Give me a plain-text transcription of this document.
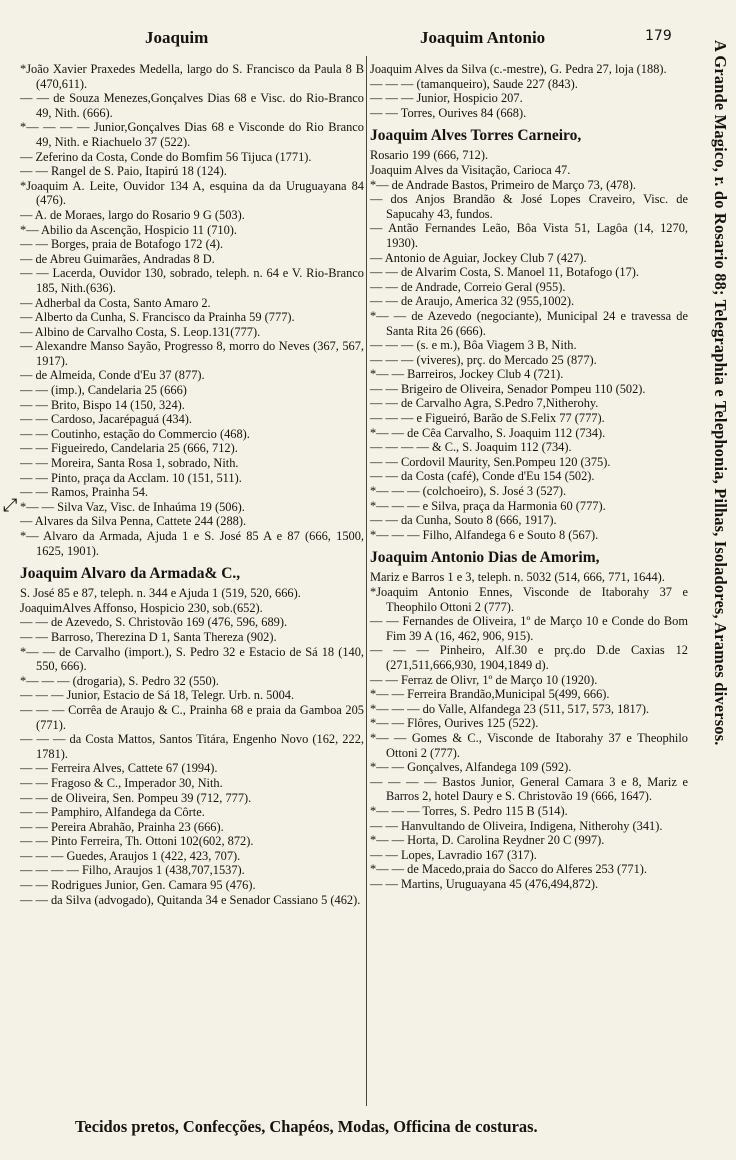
Joaquim	Joaquim Antonio	179
⤢

*João Xavier Praxedes Medella, largo do S. Francisco da Paula 8 B (470,611).

— — de Souza Menezes,Gonçalves Dias 68 e Visc. do Rio-Branco 49, Nith. (666).

*— — — — Junior,Gonçalves Dias 68 e Visconde do Rio Branco 49, Nith. e Riachuelo 37 (522).

— Zeferino da Costa, Conde do Bomfim 56 Tijuca (1771).

— — Rangel de S. Paio, Itapirú 18 (124).

*Joaquim A. Leite, Ouvidor 134 A, esquina da da Uruguayana 84 (476).

— A. de Moraes, largo do Rosario 9 G (503).

*— Abilio da Ascenção, Hospicio 11 (710).

— — Borges, praia de Botafogo 172 (4).

— de Abreu Guimarães, Andradas 8 D.

— — Lacerda, Ouvidor 130, sobrado, teleph. n. 64 e V. Rio-Branco 185, Nith.(636).

— Adherbal da Costa, Santo Amaro 2.

— Alberto da Cunha, S. Francisco da Prainha 59 (777).

— Albino de Carvalho Costa, S. Leop.131(777).

— Alexandre Manso Sayão, Progresso 8, morro do Neves (367, 567, 1917).

— de Almeida, Conde d'Eu 37 (877).

— — (imp.), Candelaria 25 (666)

— — Brito, Bispo 14 (150, 324).

— — Cardoso, Jacarépaguá (434).

— — Coutinho, estação do Commercio (468).

— — Figueiredo, Candelaria 25 (666, 712).

— — Moreira, Santa Rosa 1, sobrado, Nith.

— — Pinto, praça da Acclam. 10 (151, 511).

— — Ramos, Prainha 54.

*— — Silva Vaz, Visc. de Inhaúma 19 (506).

— Alvares da Silva Penna, Cattete 244 (288).

*— Alvaro da Armada, Ajuda 1 e S. José 85 A e 87 (666, 1500, 1625, 1901).

Joaquim Alvaro da Armada& C.,

S. José 85 e 87, teleph. n. 344 e Ajuda 1 (519, 520, 666).

JoaquimAlves Affonso, Hospicio 230, sob.(652).

— — de Azevedo, S. Christovão 169 (476, 596, 689).

— — Barroso, Therezina D 1, Santa Thereza (902).

*— — de Carvalho (import.), S. Pedro 32 e Estacio de Sá 18 (140, 550, 666).

*— — — (drogaria), S. Pedro 32 (550).

— — — Junior, Estacio de Sá 18, Telegr. Urb. n. 5004.

— — — Corrêa de Araujo & C., Prainha 68 e praia da Gamboa 205 (771).

— — — da Costa Mattos, Santos Titára, Engenho Novo (162, 222, 1781).

— — Ferreira Alves, Cattete 67 (1994).

— — Fragoso & C., Imperador 30, Nith.

— — de Oliveira, Sen. Pompeu 39 (712, 777).

— — Pamphiro, Alfandega da Côrte.

— — Pereira Abrahão, Prainha 23 (666).

— — Pinto Ferreira, Th. Ottoni 102(602, 872).

— — — Guedes, Araujos 1 (422, 423, 707).

— — — — Filho, Araujos 1 (438,707,1537).

— — Rodrigues Junior, Gen. Camara 95 (476).

— — da Silva (advogado), Quitanda 34 e Senador Cassiano 5 (462).

Joaquim Alves da Silva (c.-mestre), G. Pedra 27, loja (188).

— — — (tamanqueiro), Saude 227 (843).

— — — Junior, Hospicio 207.

— — Torres, Ourives 84 (668).

Joaquim Alves Torres Carneiro,

Rosario 199 (666, 712).

Joaquim Alves da Visitação, Carioca 47.

*— de Andrade Bastos, Primeiro de Março 73, (478).

— dos Anjos Brandão & José Lopes Craveiro, Visc. de Sapucahy 43, fundos.

— Antão Fernandes Leão, Bôa Vista 51, Lagôa (14, 1270, 1930).

— Antonio de Aguiar, Jockey Club 7 (427).

— — de Alvarim Costa, S. Manoel 11, Botafogo (17).

— — de Andrade, Correio Geral (955).

— — de Araujo, America 32 (955,1002).

*— — de Azevedo (negociante), Municipal 24 e travessa de Santa Rita 26 (666).

— — — (s. e m.), Bôa Viagem 3 B, Nith.

— — — (viveres), prç. do Mercado 25 (877).

*— — Barreiros, Jockey Club 4 (721).

— — Brigeiro de Oliveira, Senador Pompeu 110 (502).

— — de Carvalho Agra, S.Pedro 7,Nitherohy.

— — — e Figueiró, Barão de S.Felix 77 (777).

*— — de Cêa Carvalho, S. Joaquim 112 (734).

— — — — & C., S. Joaquim 112 (734).

— — Cordovil Maurity, Sen.Pompeu 120 (375).

— — da Costa (café), Conde d'Eu 154 (502).

*— — — (colchoeiro), S. José 3 (527).

*— — — e Silva, praça da Harmonia 60 (777).

— — da Cunha, Souto 8 (666, 1917).

*— — — Filho, Alfandega 6 e Souto 8 (567).

Joaquim Antonio Dias de Amorim,

Mariz e Barros 1 e 3, teleph. n. 5032 (514, 666, 771, 1644).

*Joaquim Antonio Ennes, Visconde de Itaborahy 37 e Theophilo Ottoni 2 (777).

— — Fernandes de Oliveira, 1º de Março 10 e Conde do Bom Fim 39 A (16, 462, 906, 915).

— — — Pinheiro, Alf.30 e prç.do D.de Caxias 12 (271,511,666,930, 1904,1849 d).

— — Ferraz de Olivr, 1º de Março 10 (1920).

*— — Ferreira Brandão,Municipal 5(499, 666).

*— — — do Valle, Alfandega 23 (511, 517, 573, 1817).

*— — Flôres, Ourives 125 (522).

*— — Gomes & C., Visconde de Itaborahy 37 e Theophilo Ottoni 2 (777).

*— — Gonçalves, Alfandega 109 (592).

— — — — Bastos Junior, General Camara 3 e 8, Mariz e Barros 2, hotel Daury e S. Christovão 19 (666, 1647).

*— — — Torres, S. Pedro 115 B (514).

— — Hanvultando de Oliveira, Indigena, Nitherohy (341).

*— — Horta, D. Carolina Reydner 20 C (997).

— — Lopes, Lavradio 167 (317).

*— — de Macedo,praia do Sacco do Alferes 253 (771).

— — Martins, Uruguayana 45 (476,494,872).

A Grande Magico, r. do Rosario 88; Telegraphia e Telephonia, Pilhas, Isoladores, Arames diversos.
Tecidos pretos, Confecções, Chapéos, Modas, Officina de costuras.
